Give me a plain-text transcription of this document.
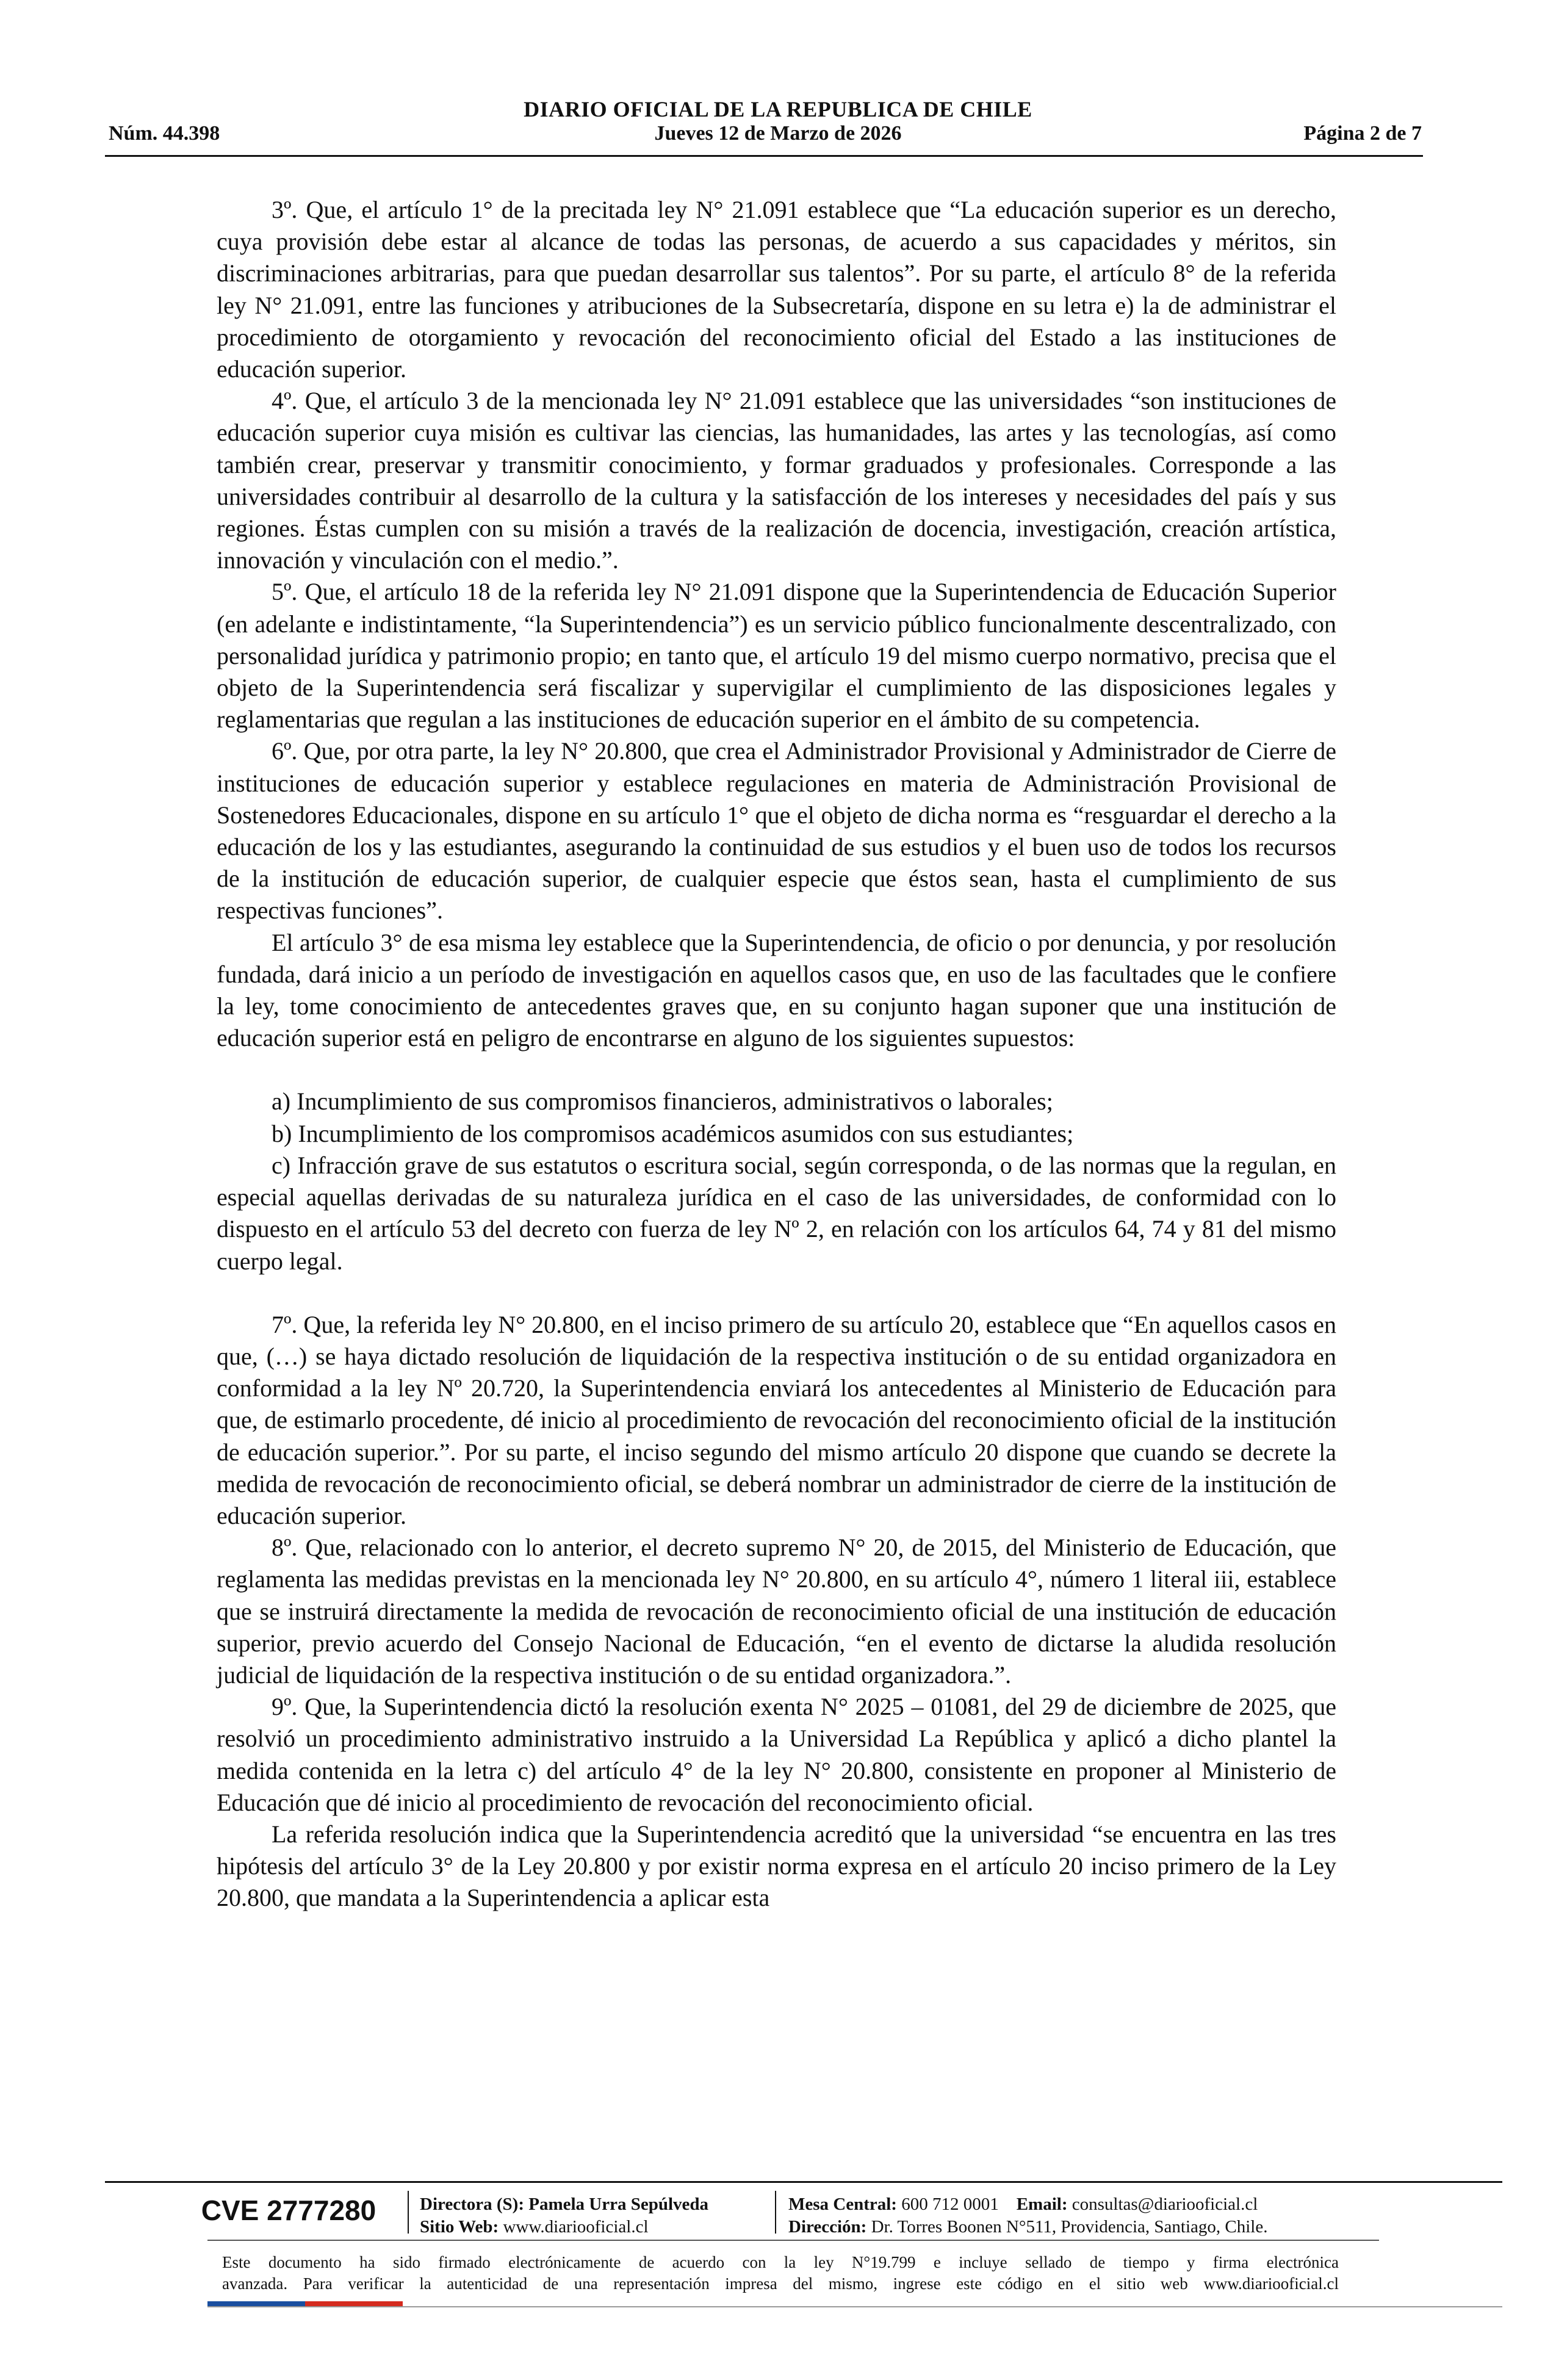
DIARIO OFICIAL DE LA REPUBLICA DE CHILE
Núm. 44.398	Jueves 12 de Marzo de 2026	Página 2 de 7

3º. Que, el artículo 1° de la precitada ley N° 21.091 establece que “La educación superior es un derecho, cuya provisión debe estar al alcance de todas las personas, de acuerdo a sus capacidades y méritos, sin discriminaciones arbitrarias, para que puedan desarrollar sus talentos”. Por su parte, el artículo 8° de la referida ley N° 21.091, entre las funciones y atribuciones de la Subsecretaría, dispone en su letra e) la de administrar el procedimiento de otorgamiento y revocación del reconocimiento oficial del Estado a las instituciones de educación superior.

4º. Que, el artículo 3 de la mencionada ley N° 21.091 establece que las universidades “son instituciones de educación superior cuya misión es cultivar las ciencias, las humanidades, las artes y las tecnologías, así como también crear, preservar y transmitir conocimiento, y formar graduados y profesionales. Corresponde a las universidades contribuir al desarrollo de la cultura y la satisfacción de los intereses y necesidades del país y sus regiones. Éstas cumplen con su misión a través de la realización de docencia, investigación, creación artística, innovación y vinculación con el medio.”.

5º. Que, el artículo 18 de la referida ley N° 21.091 dispone que la Superintendencia de Educación Superior (en adelante e indistintamente, “la Superintendencia”) es un servicio público funcionalmente descentralizado, con personalidad jurídica y patrimonio propio; en tanto que, el artículo 19 del mismo cuerpo normativo, precisa que el objeto de la Superintendencia será fiscalizar y supervigilar el cumplimiento de las disposiciones legales y reglamentarias que regulan a las instituciones de educación superior en el ámbito de su competencia.

6º. Que, por otra parte, la ley N° 20.800, que crea el Administrador Provisional y Administrador de Cierre de instituciones de educación superior y establece regulaciones en materia de Administración Provisional de Sostenedores Educacionales, dispone en su artículo 1° que el objeto de dicha norma es “resguardar el derecho a la educación de los y las estudiantes, asegurando la continuidad de sus estudios y el buen uso de todos los recursos de la institución de educación superior, de cualquier especie que éstos sean, hasta el cumplimiento de sus respectivas funciones”.

El artículo 3° de esa misma ley establece que la Superintendencia, de oficio o por denuncia, y por resolución fundada, dará inicio a un período de investigación en aquellos casos que, en uso de las facultades que le confiere la ley, tome conocimiento de antecedentes graves que, en su conjunto hagan suponer que una institución de educación superior está en peligro de encontrarse en alguno de los siguientes supuestos:

a) Incumplimiento de sus compromisos financieros, administrativos o laborales;

b) Incumplimiento de los compromisos académicos asumidos con sus estudiantes;

c) Infracción grave de sus estatutos o escritura social, según corresponda, o de las normas que la regulan, en especial aquellas derivadas de su naturaleza jurídica en el caso de las universidades, de conformidad con lo dispuesto en el artículo 53 del decreto con fuerza de ley Nº 2, en relación con los artículos 64, 74 y 81 del mismo cuerpo legal.

7º. Que, la referida ley N° 20.800, en el inciso primero de su artículo 20, establece que “En aquellos casos en que, (…) se haya dictado resolución de liquidación de la respectiva institución o de su entidad organizadora en conformidad a la ley Nº 20.720, la Superintendencia enviará los antecedentes al Ministerio de Educación para que, de estimarlo procedente, dé inicio al procedimiento de revocación del reconocimiento oficial de la institución de educación superior.”. Por su parte, el inciso segundo del mismo artículo 20 dispone que cuando se decrete la medida de revocación de reconocimiento oficial, se deberá nombrar un administrador de cierre de la institución de educación superior.

8º. Que, relacionado con lo anterior, el decreto supremo N° 20, de 2015, del Ministerio de Educación, que reglamenta las medidas previstas en la mencionada ley N° 20.800, en su artículo 4°, número 1 literal iii, establece que se instruirá directamente la medida de revocación de reconocimiento oficial de una institución de educación superior, previo acuerdo del Consejo Nacional de Educación, “en el evento de dictarse la aludida resolución judicial de liquidación de la respectiva institución o de su entidad organizadora.”.

9º. Que, la Superintendencia dictó la resolución exenta N° 2025 – 01081, del 29 de diciembre de 2025, que resolvió un procedimiento administrativo instruido a la Universidad La República y aplicó a dicho plantel la medida contenida en la letra c) del artículo 4° de la ley N° 20.800, consistente en proponer al Ministerio de Educación que dé inicio al procedimiento de revocación del reconocimiento oficial.

La referida resolución indica que la Superintendencia acreditó que la universidad “se encuentra en las tres hipótesis del artículo 3° de la Ley 20.800 y por existir norma expresa en el artículo 20 inciso primero de la Ley 20.800, que mandata a la Superintendencia a aplicar esta

CVE 2777280	Directora (S): Pamela Urra Sepúlveda
Sitio Web: www.diariooficial.cl
Mesa Central: 600 712 0001 Email: consultas@diariooficial.cl
Dirección: Dr. Torres Boonen N°511, Providencia, Santiago, Chile.
Este documento ha sido firmado electrónicamente de acuerdo con la ley N°19.799 e incluye sellado de tiempo y firma electrónica
avanzada. Para verificar la autenticidad de una representación impresa del mismo, ingrese este código en el sitio web www.diariooficial.cl
